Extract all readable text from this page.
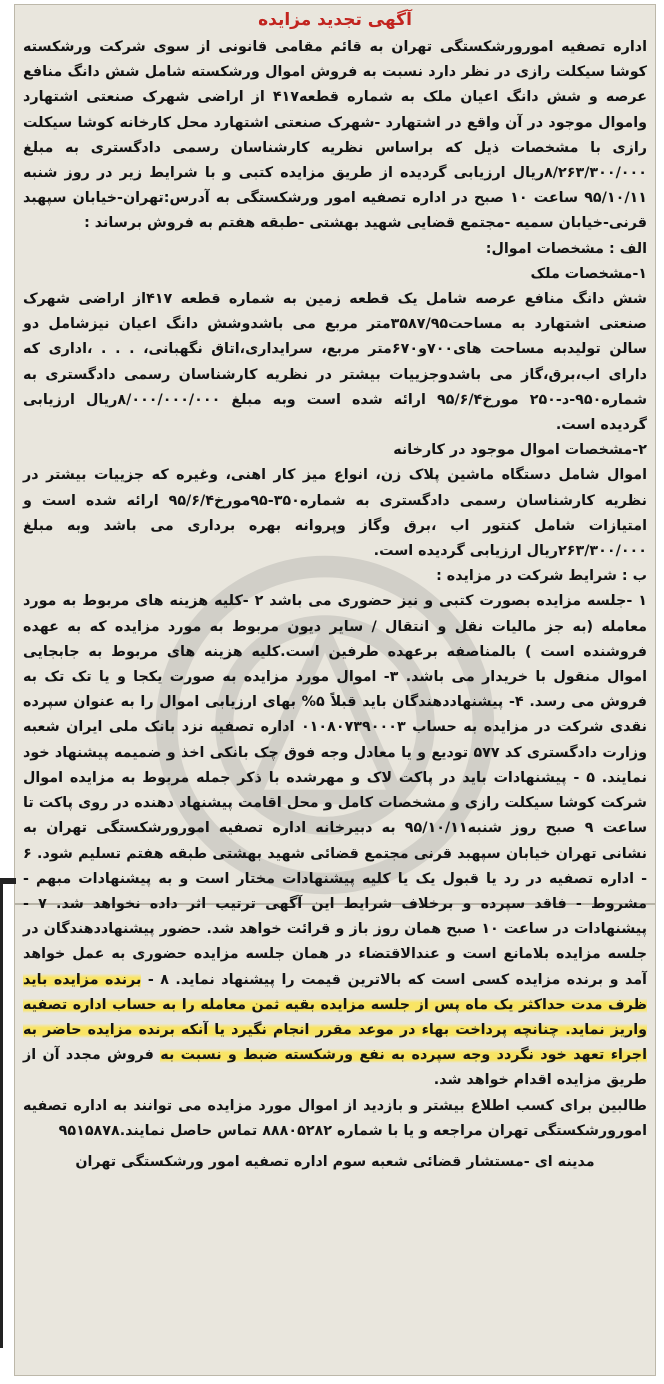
آگهی تجدید مزایده

اداره تصفیه امورورشکستگی تهران به قائم مقامی قانونی از سوی شرکت ورشکسته کوشا سیکلت رازی در نظر دارد نسبت به فروش اموال ورشکسته شامل شش دانگ منافع عرصه و شش دانگ اعیان ملک به شماره قطعه۴۱۷ از اراضی شهرک صنعتی اشتهارد واموال موجود در آن واقع در اشتهارد -شهرک صنعتی اشتهارد محل کارخانه کوشا سیکلت رازی با مشخصات ذیل که براساس نظریه کارشناسان رسمی دادگستری به مبلغ ۸/۲۶۳/۳۰۰/۰۰۰ریال ارزیابی گردیده از طریق مزایده کتبی و با شرایط زیر در روز شنبه ۹۵/۱۰/۱۱ ساعت ۱۰ صبح در اداره تصفیه امور ورشکستگی به آدرس:تهران-خیابان سپهبد قرنی-خیابان سمیه -مجتمع قضایی شهید بهشتی -طبقه هفتم به فروش برساند :

الف : مشخصات اموال:

۱-مشخصات ملک

شش دانگ منافع عرصه شامل یک قطعه زمین به شماره قطعه ۴۱۷از اراضی شهرک صنعتی اشتهارد به مساحت۳۵۸۷/۹۵متر مربع می باشدوشش دانگ اعیان نیزشامل دو سالن تولیدبه مساحت های۷۰۰و۶۷۰متر مربع، سرایداری،اتاق نگهبانی، . . . ،اداری که دارای اب،برق،گاز می باشدوجزییات بیشتر در نظریه کارشناسان رسمی دادگستری به شماره۹۵۰-د-۲۵۰ مورخ۹۵/۶/۴ ارائه شده است وبه مبلغ ۸/۰۰۰/۰۰۰/۰۰۰ریال ارزیابی گردیده است.

۲-مشخصات اموال موجود در کارخانه

اموال شامل دستگاه ماشین پلاک زن، انواع میز کار اهنی، وغیره که جزییات بیشتر در نظریه کارشناسان رسمی دادگستری به شماره۳۵۰-۹۵مورخ۹۵/۶/۴ ارائه شده است و امتیازات شامل کنتور اب ،برق وگاز وپروانه بهره برداری می باشد وبه مبلغ ۲۶۳/۳۰۰/۰۰۰ریال ارزیابی گردیده است.

ب : شرایط شرکت در مزایده :

۱ -جلسه مزایده بصورت کتبی و نیز حضوری می باشد ۲ -کلیه هزینه های مربوط به مورد معامله (به جز مالیات نقل و انتقال / سایر دیون مربوط به مورد مزایده که به عهده فروشنده است ) بالمناصفه برعهده طرفین است.کلیه هزینه های مربوط به جابجایی اموال منقول با خریدار می باشد. ۳- اموال مورد مزایده به صورت یکجا و یا تک تک به فروش می رسد. ۴- پیشنهاددهندگان باید قبلاً ۵% بهای ارزیابی اموال را به عنوان سپرده نقدی شرکت در مزایده به حساب ۰۱۰۸۰۷۳۹۰۰۰۳ اداره تصفیه نزد بانک ملی ایران شعبه وزارت دادگستری کد ۵۷۷ تودیع و یا معادل وجه فوق چک بانکی اخذ و ضمیمه پیشنهاد خود نمایند. ۵ - پیشنهادات باید در پاکت لاک و مهرشده با ذکر جمله مربوط به مزایده اموال شرکت کوشا سیکلت رازی و مشخصات کامل و محل اقامت پیشنهاد دهنده در روی پاکت تا ساعت ۹ صبح روز شنبه۹۵/۱۰/۱۱ به دبیرخانه اداره تصفیه امورورشکستگی تهران به نشانی تهران خیابان سپهبد قرنی مجتمع قضائی شهید بهشتی طبقه هفتم تسلیم شود. ۶ - اداره تصفیه در رد یا قبول یک یا کلیه پیشنهادات مختار است و به پیشنهادات مبهم - مشروط - فاقد سپرده و برخلاف شرایط این آگهی ترتیب اثر داده نخواهد شد. ۷ - پیشنهادات در ساعت ۱۰ صبح همان روز باز و قرائت خواهد شد. حضور پیشنهاددهندگان در جلسه مزایده بلامانع است و عندالاقتضاء در همان جلسه مزایده حضوری به عمل خواهد آمد و برنده مزایده کسی است که بالاترین قیمت را پیشنهاد نماید. ۸ - برنده مزایده باید ظرف مدت حداکثر یک ماه پس از جلسه مزایده بقیه ثمن معامله را به حساب اداره تصفیه واریز نماید. چنانچه پرداخت بهاء در موعد مقرر انجام نگیرد یا آنکه برنده مزایده حاضر به اجراء تعهد خود نگردد وجه سپرده به نفع ورشکسته ضبط و نسبت به فروش مجدد آن از طریق مزایده اقدام خواهد شد.

طالبین برای کسب اطلاع بیشتر و بازدید از اموال مورد مزایده می توانند به اداره تصفیه امورورشکستگی تهران مراجعه و یا با شماره ۸۸۸۰۵۲۸۲ تماس حاصل نمایند.۹۵۱۵۸۷۸

مدینه ای -مستشار قضائی شعبه سوم اداره تصفیه امور ورشکستگی تهران
